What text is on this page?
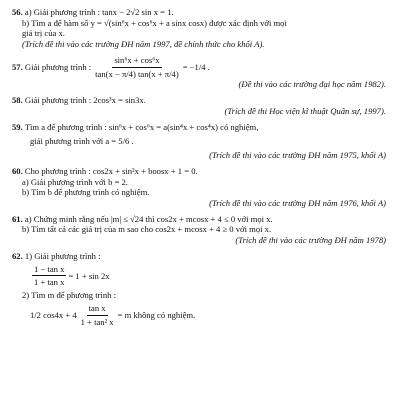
56. a) Giải phương trình : tanx − 2√2 sin x = 1.
b) Tìm a để hàm số y = √(sin⁶x + cos⁶x + a sinx cosx) được xác định với mọi
giá trị của x.
(Trích đề thi vào các trường ĐH năm 1997, đề chính thức cho khối A).
57.
Giải phương trình : $\frac{\text{sin⁶x + cos⁶x}}{\tan(x - \pi/4) \tan(x + \pi/4)} = -1/4$ .
(Đề thi vào các trường đại học năm 1982).
58. Giải phương trình : 2cos³x = sin3x.
(Trích đề thi Học viện kĩ thuật Quân sự, 1997).
59. Tìm a để phương trình : sin⁶x + cos⁶x = a(sin⁴x + cos⁴x) có nghiệm,
giải phương trình với a = 5/6 .
(Trích đề thi vào các trường ĐH năm 1975, khối A)
60. Cho phương trình : cos2x + sin²x + boosx + 1 = 0.
a) Giải phương trình với b = 2.
b) Tìm b để phương trình có nghiệm.
(Trích đề thi vào các trường ĐH năm 1976, khối A)
61. a) Chứng minh rằng nếu |m| ≤ √24 thì cos2x + mcosx + 4 ≤ 0 với mọi x.
b) Tìm tất cả các giá trị của m sao cho cos2x + mcosx + 4 ≥ 0 với mọi x.
(Trích đề thi vào các trường ĐH năm 1978)
62. 1) Giải phương trình :
$\frac{\text{1 − tan x}}{\text{1 + tan x}} = 1 + \sin 2x$
2) Tìm m để phương trình :
1/2 $\cos 4x + 4 \frac{\text{tan x}}{\text{1 + tan² x}} = m$ không có nghiệm.
